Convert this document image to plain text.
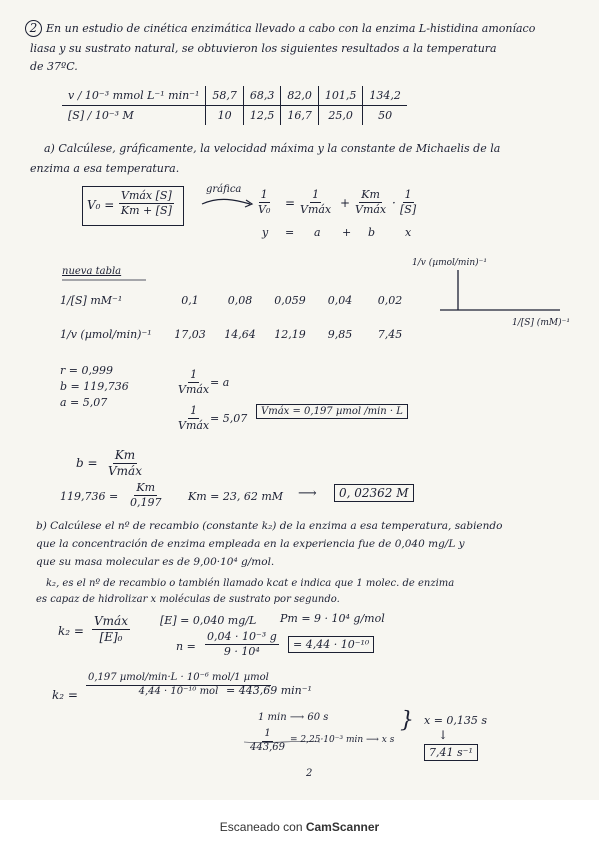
2 En un estudio de cinética enzimática llevado a cabo con la enzima L-histidina amoníaco
liasa y su sustrato natural, se obtuvieron los siguientes resultados a la temperatura
de 37ºC.
v / 10⁻³ mmol L⁻¹ min⁻¹	58,7	68,3	82,0	101,5	134,2
[S] / 10⁻³ M	10	12,5	16,7	25,0	50
a) Calcúlese, gráficamente, la velocidad máxima y la constante de Michaelis de la
enzima a esa temperatura.
V₀ =
Vmáx [S]
Km + [S]
gráfica $\frac{1}{\text{V₀}}$ =
1
Vmáx +
Km
Vmáx · $\frac{1}{[S]}$
y = a + b	x
1/v (µmol/min)⁻¹
1/[S] (mM)⁻¹
nueva tabla
1/[S] mM⁻¹	0,1	0,08	0,059	0,04	0,02
1/v (µmol/min)⁻¹	17,03	14,64	12,19	9,85	7,45
r = 0,999
b = 119,736
a = 5,07
1
Vmáx
= a
1
Vmáx
= 5,07
Vmáx = 0,197 µmol /min · L
b =
Km
Vmáx
$119,736 = \frac{Km}{0,197}$ Km = 23, 62 mM ⟶	0, 02362 M
b) Calcúlese el nº de recambio (constante k₂) de la enzima a esa temperatura, sabiendo
que la concentración de enzima empleada en la experiencia fue de 0,040 mg/L y
que su masa molecular es de 9,00·10⁴ g/mol.
k₂, es el nº de recambio o también llamado kcat e indica que 1 molec. de enzima
es capaz de hidrolizar x moléculas de sustrato por segundo.
k₂ =
Vmáx
[E]₀
[E] = 0,040 mg/L Pm = 9 · 10⁴ g/mol
$n = \frac{\text{0,04 · 10⁻³ g}}{\text{9 · 10⁴}}$	= 4,44 · 10⁻¹⁰
k₂ =
0,197 µmol/min·L · 10⁻⁶ mol/1 µmol
4,44 · 10⁻¹⁰ mol = 443,69 min⁻¹
1 min ⟶ 60 s
$\frac{1}{443,69} = 2,25\cdot 10^{-3}$ min ⟶ x s
} x = 0,135 s
↓
7,41 s⁻¹
2
Escaneado con CamScanner
